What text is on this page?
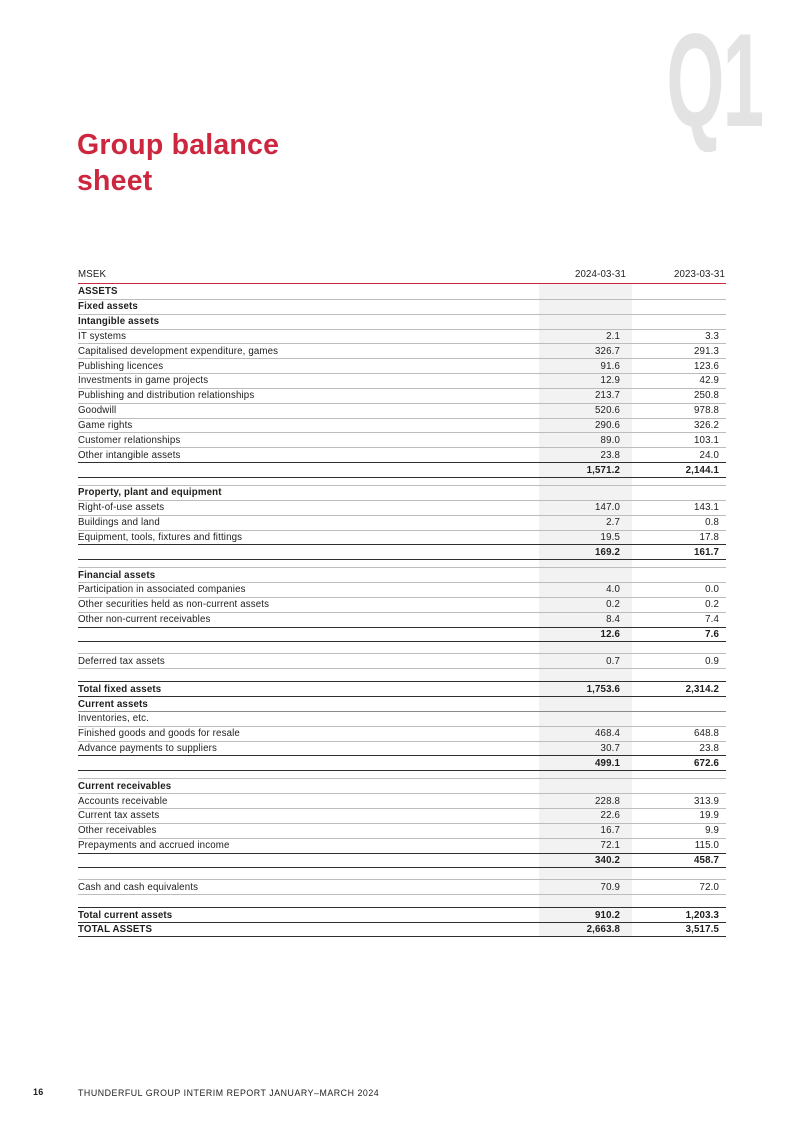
Q1
Group balance sheet
MSEK	2024-03-31	2023-03-31
ASSETS
Fixed assets
Intangible assets
IT systems	2.1	3.3
Capitalised development expenditure, games	326.7	291.3
Publishing licences	91.6	123.6
Investments in game projects	12.9	42.9
Publishing and distribution relationships	213.7	250.8
Goodwill	520.6	978.8
Game rights	290.6	326.2
Customer relationships	89.0	103.1
Other intangible assets	23.8	24.0
1,571.2	2,144.1
Property, plant and equipment
Right-of-use assets	147.0	143.1
Buildings and land	2.7	0.8
Equipment, tools, fixtures and fittings	19.5	17.8
169.2	161.7
Financial assets
Participation in associated companies	4.0	0.0
Other securities held as non-current assets	0.2	0.2
Other non-current receivables	8.4	7.4
12.6	7.6
Deferred tax assets	0.7	0.9
Total fixed assets	1,753.6	2,314.2
Current assets
Inventories, etc.
Finished goods and goods for resale	468.4	648.8
Advance payments to suppliers	30.7	23.8
499.1	672.6
Current receivables
Accounts receivable	228.8	313.9
Current tax assets	22.6	19.9
Other receivables	16.7	9.9
Prepayments and accrued income	72.1	115.0
340.2	458.7
Cash and cash equivalents	70.9	72.0
Total current assets	910.2	1,203.3
TOTAL ASSETS	2,663.8	3,517.5
16	THUNDERFUL GROUP INTERIM REPORT JANUARY–MARCH 2024
